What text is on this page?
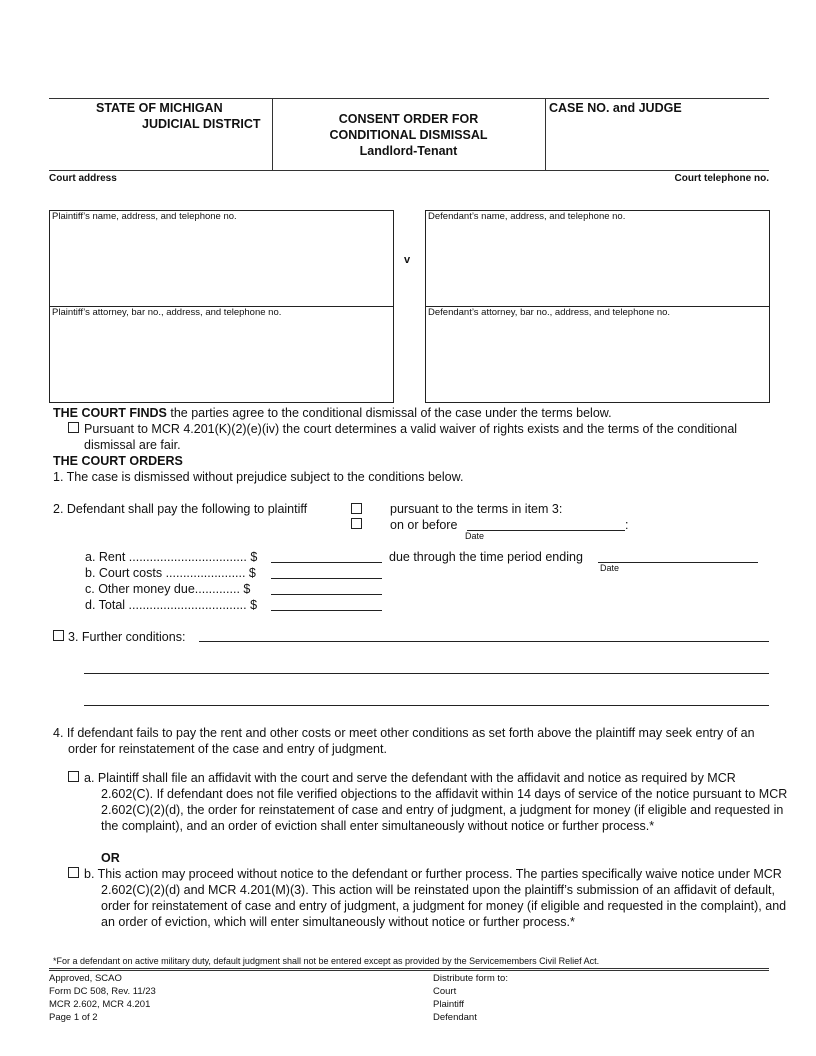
STATE OF MICHIGAN
JUDICIAL DISTRICT	CONSENT ORDER FOR
CONDITIONAL DISMISSAL
Landlord-Tenant
CASE NO. and JUDGE
Court address	Court telephone no.
Plaintiff’s name, address, and telephone no.
Plaintiff’s attorney, bar no., address, and telephone no.
Defendant’s name, address, and telephone no.
Defendant’s attorney, bar no., address, and telephone no.
v

THE COURT FINDS the parties agree to the conditional dismissal of the case under the terms below.

Pursuant to MCR 4.201(K)(2)(e)(iv) the court determines a valid waiver of rights exists and the terms of the conditional dismissal are fair.

THE COURT ORDERS
1. The case is dismissed without prejudice subject to the conditions below.
2. Defendant shall pay the following to plaintiff	pursuant to the terms in item 3:
on or before	:
Date
a. Rent .................................. $	due through the time period ending
Date
b. Court costs ....................... $
c. Other money due............. $
d. Total .................................. $
3. Further conditions:

4. If defendant fails to pay the rent and other costs or meet other conditions as set forth above the plaintiff may seek entry of an order for reinstatement of the case and entry of judgment.

a. Plaintiff shall file an affidavit with the court and serve the defendant with the affidavit and notice as required by MCR 2.602(C). If defendant does not file verified objections to the affidavit within 14 days of service of the notice pursuant to MCR 2.602(C)(2)(d), the order for reinstatement of case and entry of judgment, a judgment for money (if eligible and requested in the complaint), and an order of eviction shall enter simultaneously without notice or further process.*

OR

b. This action may proceed without notice to the defendant or further process. The parties specifically waive notice under MCR 2.602(C)(2)(d) and MCR 4.201(M)(3). This action will be reinstated upon the plaintiff’s submission of an affidavit of default, order for reinstatement of case and entry of judgment, a judgment for money (if eligible and requested in the complaint), and an order of eviction, which will enter simultaneously without notice or further process.*

*For a defendant on active military duty, default judgment shall not be entered except as provided by the Servicemembers Civil Relief Act.
Approved, SCAO
Form DC 508, Rev. 11/23
MCR 2.602, MCR 4.201
Page 1 of 2
Distribute form to:
Court
Plaintiff
Defendant
